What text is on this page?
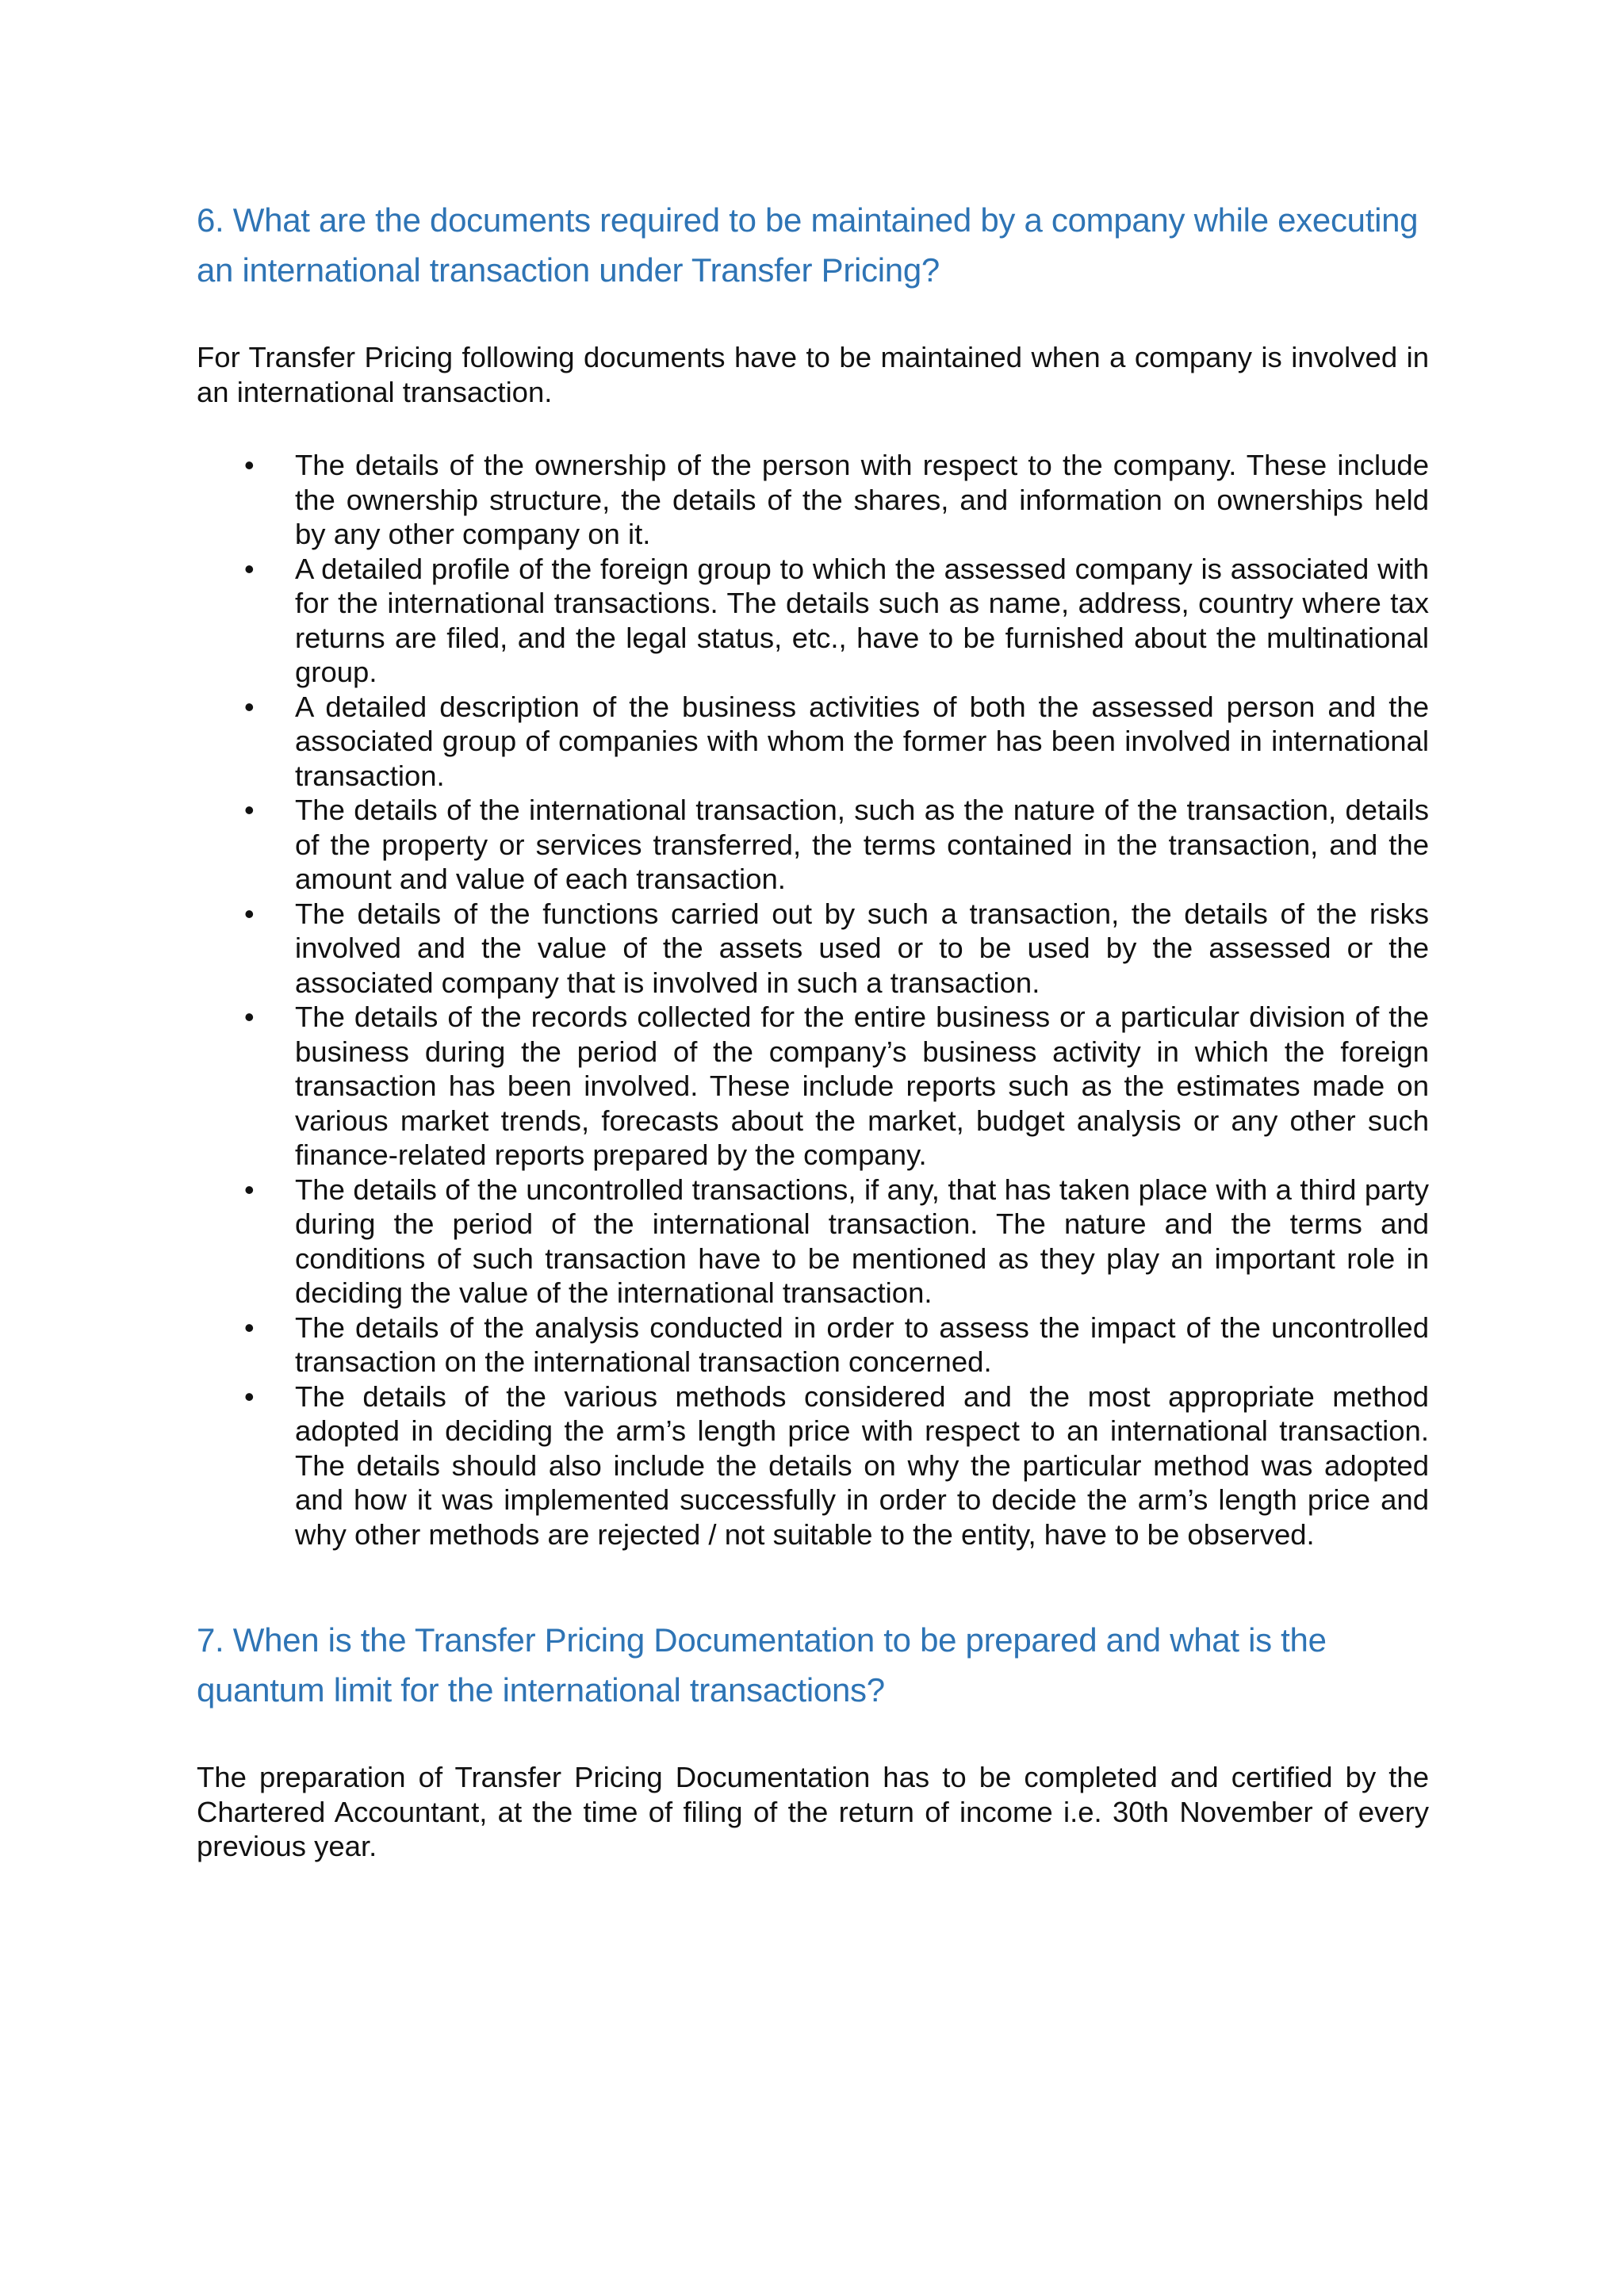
6. What are the documents required to be maintained by a company while executing an international transaction under Transfer Pricing?

For Transfer Pricing following documents have to be maintained when a company is involved in an international transaction.

• The details of the ownership of the person with respect to the company. These include the ownership structure, the details of the shares, and information on ownerships held by any other company on it.
• A detailed profile of the foreign group to which the assessed company is associated with for the international transactions. The details such as name, address, country where tax returns are filed, and the legal status, etc., have to be furnished about the multinational group.
• A detailed description of the business activities of both the assessed person and the associated group of companies with whom the former has been involved in international transaction.
• The details of the international transaction, such as the nature of the transaction, details of the property or services transferred, the terms contained in the transaction, and the amount and value of each transaction.
• The details of the functions carried out by such a transaction, the details of the risks involved and the value of the assets used or to be used by the assessed or the associated company that is involved in such a transaction.
• The details of the records collected for the entire business or a particular division of the business during the period of the company’s business activity in which the foreign transaction has been involved. These include reports such as the estimates made on various market trends, forecasts about the market, budget analysis or any other such finance-related reports prepared by the company.
• The details of the uncontrolled transactions, if any, that has taken place with a third party during the period of the international transaction. The nature and the terms and conditions of such transaction have to be mentioned as they play an important role in deciding the value of the international transaction.
• The details of the analysis conducted in order to assess the impact of the uncontrolled transaction on the international transaction concerned.
• The details of the various methods considered and the most appropriate method adopted in deciding the arm’s length price with respect to an international transaction. The details should also include the details on why the particular method was adopted and how it was implemented successfully in order to decide the arm’s length price and why other methods are rejected / not suitable to the entity, have to be observed.
7. When is the Transfer Pricing Documentation to be prepared and what is the quantum limit for the international transactions?

The preparation of Transfer Pricing Documentation has to be completed and certified by the Chartered Accountant, at the time of filing of the return of income i.e. 30th November of every previous year.
